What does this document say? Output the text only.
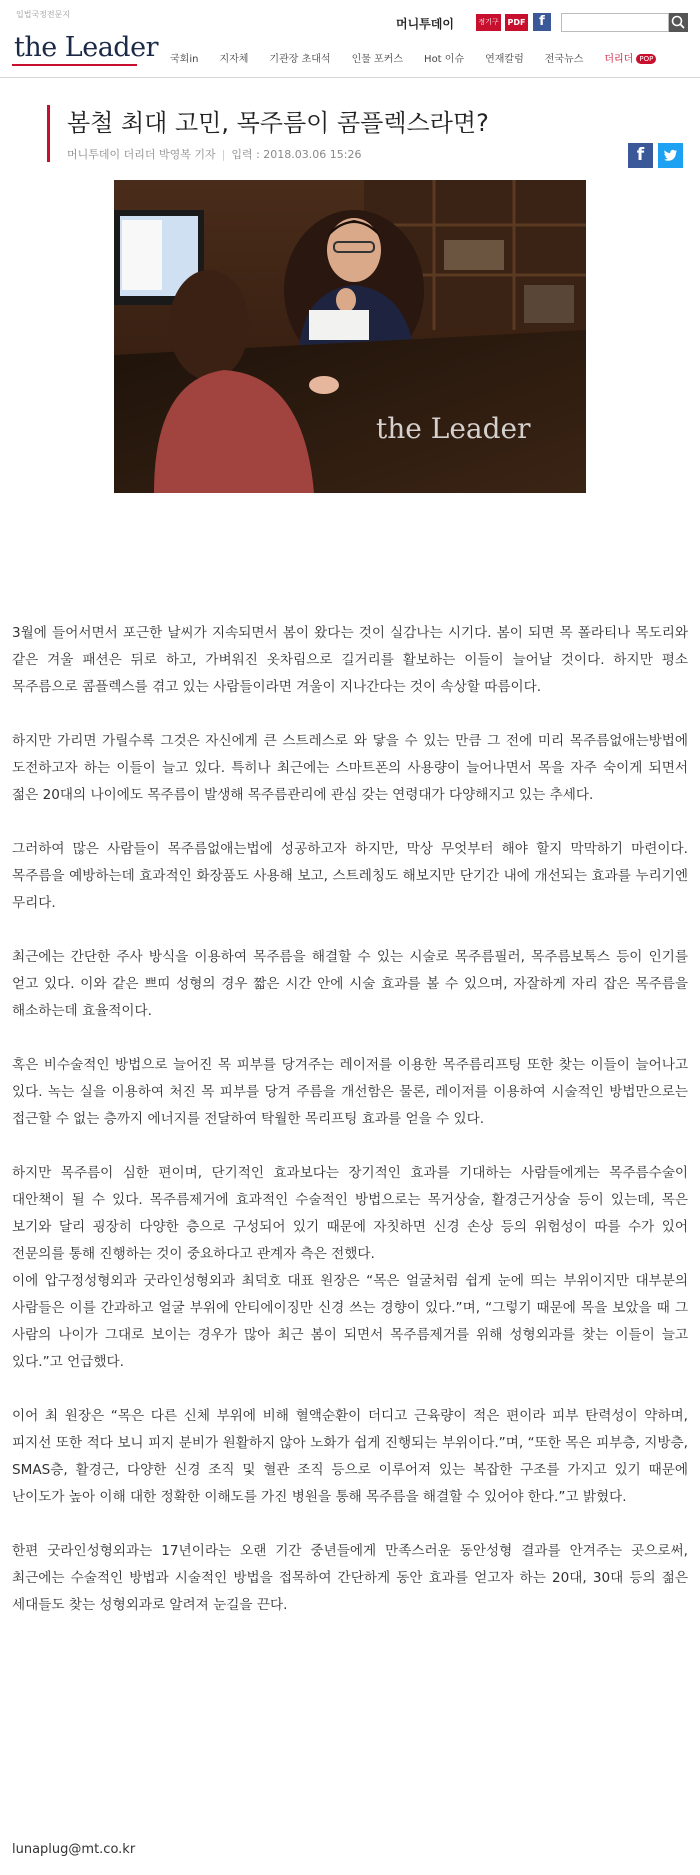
입법국정전문지
the Leader
머니투데이	정기구독
PDF	f
국회in 지자체 기관장 초대석 인물 포커스 Hot 이슈 연재칼럼 전국뉴스 더리더 POP
봄철 최대 고민, 목주름이 콤플렉스라면?
머니투데이 더리더 박영복 기자 | 입력 : 2018.03.06 15:26	f
the Leader

3월에 들어서면서 포근한 날씨가 지속되면서 봄이 왔다는 것이 실감나는 시기다. 봄이 되면 목 폴라티나 목도리와 같은 겨울 패션은 뒤로 하고, 가벼워진 옷차림으로 길거리를 활보하는 이들이 늘어날 것이다. 하지만 평소 목주름으로 콤플렉스를 겪고 있는 사람들이라면 겨울이 지나간다는 것이 속상할 따름이다.

하지만 가리면 가릴수록 그것은 자신에게 큰 스트레스로 와 닿을 수 있는 만큼 그 전에 미리 목주름없애는방법에 도전하고자 하는 이들이 늘고 있다. 특히나 최근에는 스마트폰의 사용량이 늘어나면서 목을 자주 숙이게 되면서 젊은 20대의 나이에도 목주름이 발생해 목주름관리에 관심 갖는 연령대가 다양해지고 있는 추세다.

그러하여 많은 사람들이 목주름없애는법에 성공하고자 하지만, 막상 무엇부터 해야 할지 막막하기 마련이다. 목주름을 예방하는데 효과적인 화장품도 사용해 보고, 스트레칭도 해보지만 단기간 내에 개선되는 효과를 누리기엔 무리다.

최근에는 간단한 주사 방식을 이용하여 목주름을 해결할 수 있는 시술로 목주름필러, 목주름보톡스 등이 인기를 얻고 있다. 이와 같은 쁘띠 성형의 경우 짧은 시간 안에 시술 효과를 볼 수 있으며, 자잘하게 자리 잡은 목주름을 해소하는데 효율적이다.

혹은 비수술적인 방법으로 늘어진 목 피부를 당겨주는 레이저를 이용한 목주름리프팅 또한 찾는 이들이 늘어나고 있다. 녹는 실을 이용하여 처진 목 피부를 당겨 주름을 개선함은 물론, 레이저를 이용하여 시술적인 방법만으로는 접근할 수 없는 층까지 에너지를 전달하여 탁월한 목리프팅 효과를 얻을 수 있다.

하지만 목주름이 심한 편이며, 단기적인 효과보다는 장기적인 효과를 기대하는 사람들에게는 목주름수술이 대안책이 될 수 있다. 목주름제거에 효과적인 수술적인 방법으로는 목거상술, 활경근거상술 등이 있는데, 목은 보기와 달리 굉장히 다양한 층으로 구성되어 있기 때문에 자칫하면 신경 손상 등의 위험성이 따를 수가 있어 전문의를 통해 진행하는 것이 중요하다고 관계자 측은 전했다.

이에 압구정성형외과 굿라인성형외과 최덕호 대표 원장은 “목은 얼굴처럼 쉽게 눈에 띄는 부위이지만 대부분의 사람들은 이를 간과하고 얼굴 부위에 안티에이징만 신경 쓰는 경향이 있다.”며, “그렇기 때문에 목을 보았을 때 그 사람의 나이가 그대로 보이는 경우가 많아 최근 봄이 되면서 목주름제거를 위해 성형외과를 찾는 이들이 늘고 있다.”고 언급했다.

이어 최 원장은 “목은 다른 신체 부위에 비해 혈액순환이 더디고 근육량이 적은 편이라 피부 탄력성이 약하며, 피지선 또한 적다 보니 피지 분비가 원활하지 않아 노화가 쉽게 진행되는 부위이다.”며, “또한 목은 피부층, 지방층, SMAS층, 활경근, 다양한 신경 조직 및 혈관 조직 등으로 이루어져 있는 복잡한 구조를 가지고 있기 때문에 난이도가 높아 이해 대한 정확한 이해도를 가진 병원을 통해 목주름을 해결할 수 있어야 한다.”고 밝혔다.

한편 굿라인성형외과는 17년이라는 오랜 기간 중년들에게 만족스러운 동안성형 결과를 안겨주는 곳으로써, 최근에는 수술적인 방법과 시술적인 방법을 접목하여 간단하게 동안 효과를 얻고자 하는 20대, 30대 등의 젊은 세대들도 찾는 성형외과로 알려져 눈길을 끈다.

lunaplug@mt.co.kr
